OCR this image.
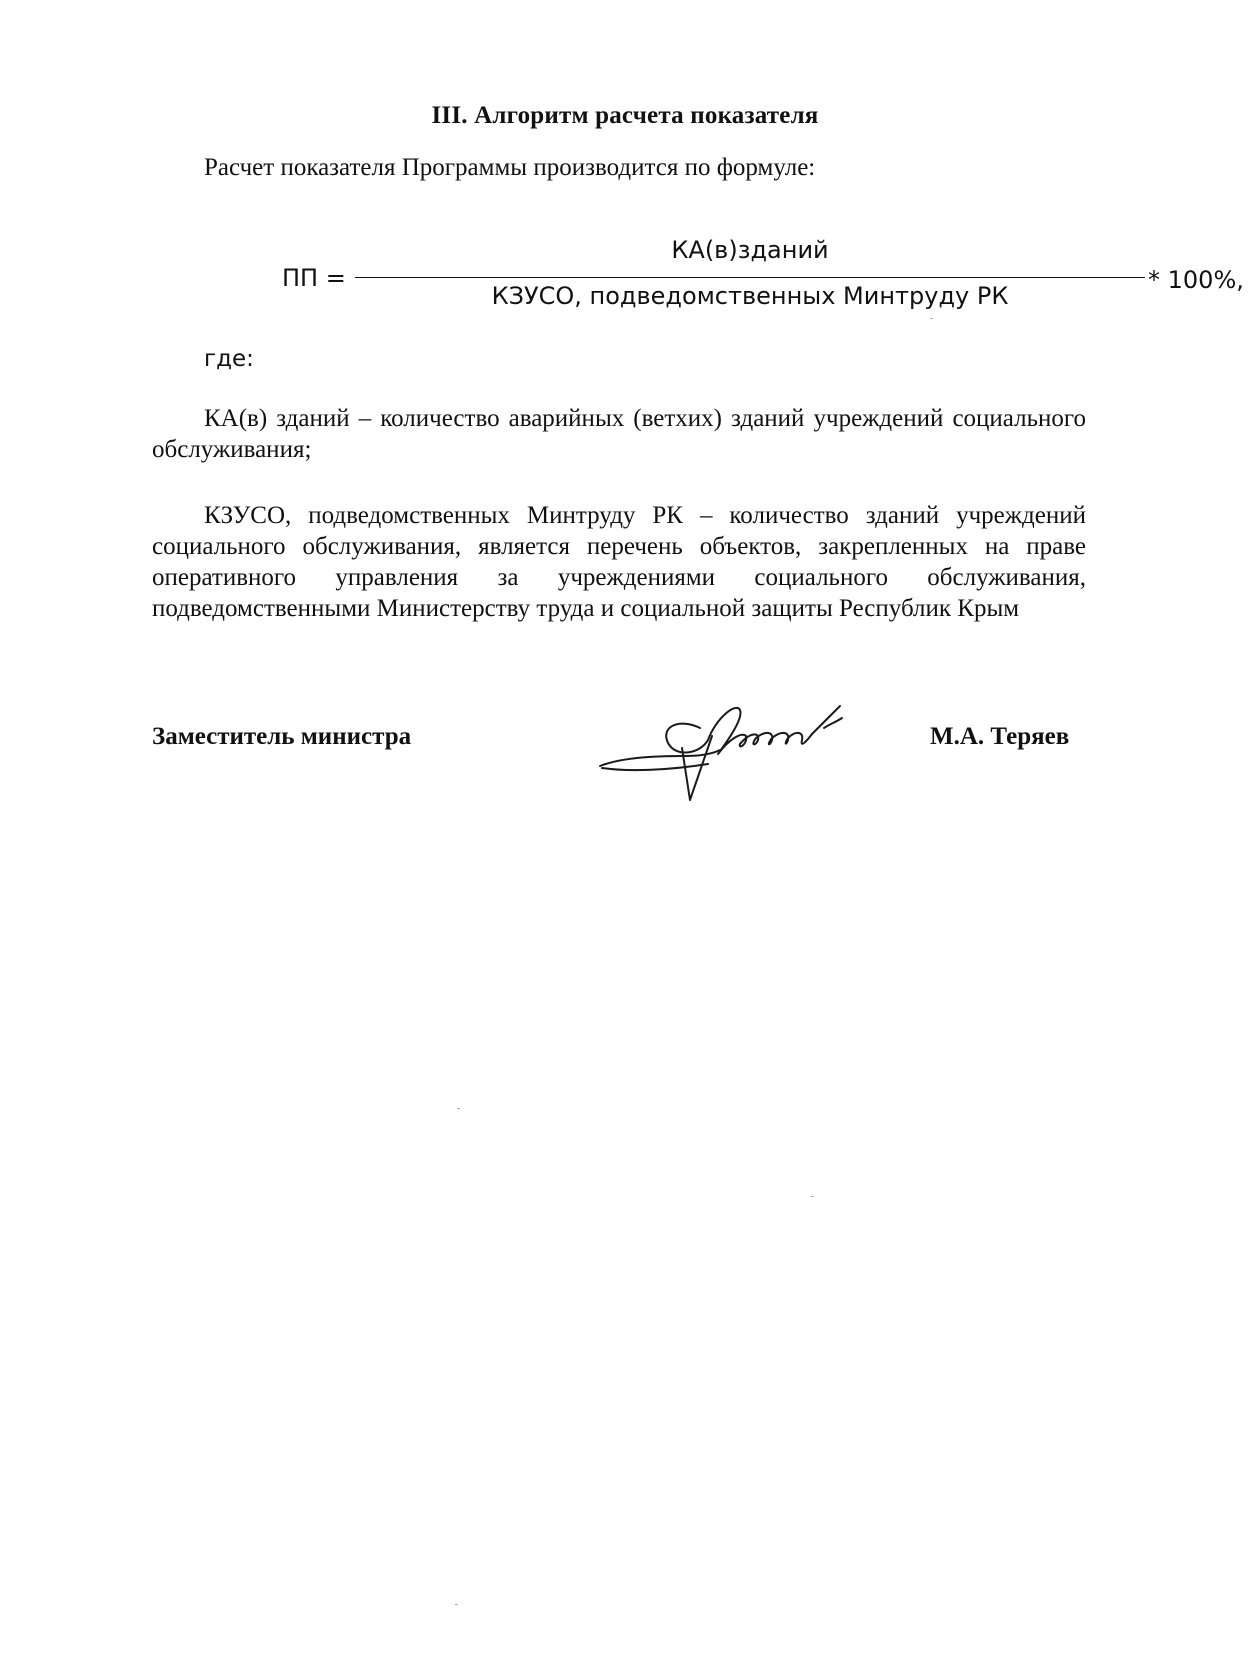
III. Алгоритм расчета показателя
Расчет показателя Программы производится по формуле:
ПП =
КА(в)зданий
КЗУСО, подведомственных Минтруду РК
* 100%,
где:

КА(в) зданий – количество аварийных (ветхих) зданий учреждений социального обслуживания;

КЗУСО, подведомственных Минтруду РК – количество зданий учреждений социального обслуживания, является перечень объектов, закрепленных на праве оперативного управления за учреждениями социального обслуживания, подведомственными Министерству труда и социальной защиты Республик Крым

Заместитель министра	М.А. Теряев
